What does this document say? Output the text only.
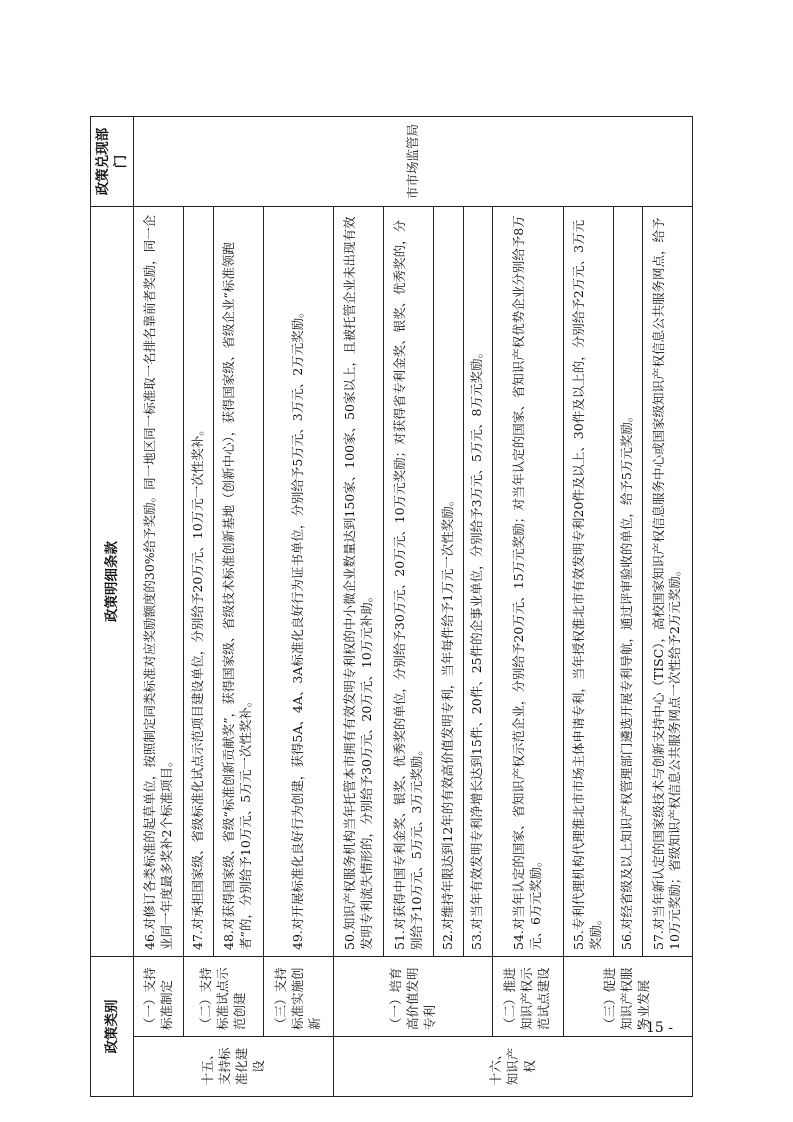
政策类别		政策明细条款	政策兑现部门
十五、支持标准化建设	（一）支持标准制定	46.对修订各类标准的起草单位，按照制定同类标准对应奖励额度的30%给予奖励。同一地区同一标准取一名排名靠前者奖励，同一企业同一年度最多奖补2个标准项目。	市市场监管局
	（二）支持标准试点示范创建	47.对承担国家级、省级标准化试点示范项目建设单位，分别给予20万元、10万元一次性奖补。	
		48.对获得国家级、省级“标准创新贡献奖”，获得国家级、省级技术标准创新基地（创新中心），获得国家级、省级企业“标准领跑者”的，分别给予10万元、5万元一次性奖补。	
	（三）支持标准实施创新	49.对开展标准化良好行为创建，获得5A、4A、3A标准化良好行为证书单位，分别给予5万元、3万元、2万元奖励。	
十六、知识产权	（一）培育高价值发明专利	50.知识产权服务机构当年托管本市拥有有效发明专利权的中小微企业数量达到150家、100家、50家以上，且被托管企业未出现有效发明专利流失情形的，分别给予30万元、20万元、10万元补助。	
		51.对获得中国专利金奖、银奖、优秀奖的单位，分别给予30万元、20万元、10万元奖励；对获得省专利金奖、银奖、优秀奖的，分别给予10万元、5万元、3万元奖励。	
		52.对维持年限达到12年的有效高价值发明专利，当年每件给予1万元一次性奖励。	
		53.对当年有效发明专利净增长达到15件、20件、25件的企事业单位，分别给予3万元、5万元、8万元奖励。	
	（二）推进知识产权示范试点建设	54.对当年认定的国家、省知识产权示范企业，分别给予20万元、15万元奖励；对当年认定的国家、省知识产权优势企业分别给予8万元、6万元奖励。	
	（三）促进知识产权服务业发展	55.专利代理机构代理淮北市市场主体申请专利，当年授权淮北市有效发明专利20件及以上、30件及以上的，分别给予2万元、3万元奖励。	
		56.对经省级及以上知识产权管理部门遴选开展专利导航，通过评审验收的单位，给予5万元奖励。	
		57.对当年新认定的国家级技术与创新支持中心（TISC），高校国家知识产权信息服务中心或国家级知识产权信息公共服务网点，给予10万元奖励；省级知识产权信息公共服务网点一次性给予2万元奖励。	
- 15 -
